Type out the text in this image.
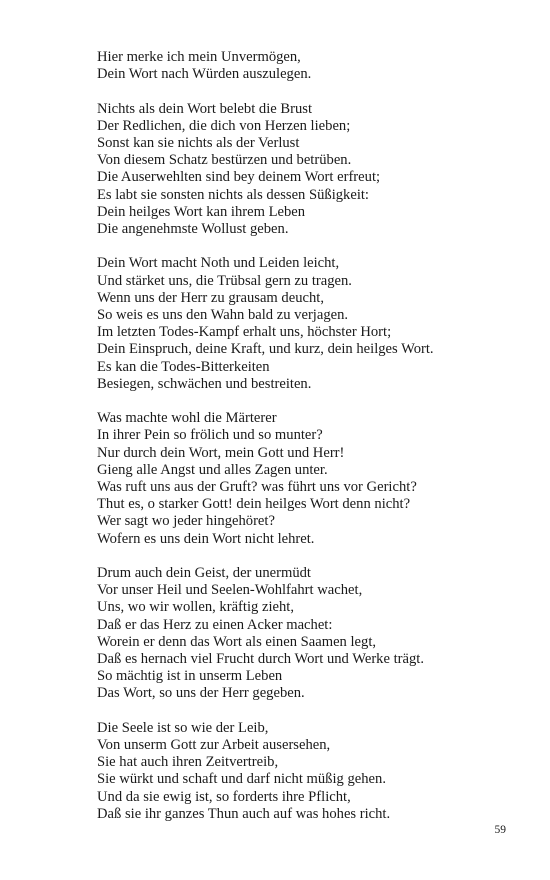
Hier merke ich mein Unvermögen,
Dein Wort nach Würden auszulegen.
Nichts als dein Wort belebt die Brust
Der Redlichen, die dich von Herzen lieben;
Sonst kan sie nichts als der Verlust
Von diesem Schatz bestürzen und betrüben.
Die Auserwehlten sind bey deinem Wort erfreut;
Es labt sie sonsten nichts als dessen Süßigkeit:
Dein heilges Wort kan ihrem Leben
Die angenehmste Wollust geben.
Dein Wort macht Noth und Leiden leicht,
Und stärket uns, die Trübsal gern zu tragen.
Wenn uns der Herr zu grausam deucht,
So weis es uns den Wahn bald zu verjagen.
Im letzten Todes-Kampf erhalt uns, höchster Hort;
Dein Einspruch, deine Kraft, und kurz, dein heilges Wort.
Es kan die Todes-Bitterkeiten
Besiegen, schwächen und bestreiten.
Was machte wohl die Märterer
In ihrer Pein so frölich und so munter?
Nur durch dein Wort, mein Gott und Herr!
Gieng alle Angst und alles Zagen unter.
Was ruft uns aus der Gruft? was führt uns vor Gericht?
Thut es, o starker Gott! dein heilges Wort denn nicht?
Wer sagt wo jeder hingehöret?
Wofern es uns dein Wort nicht lehret.
Drum auch dein Geist, der unermüdt
Vor unser Heil und Seelen-Wohlfahrt wachet,
Uns, wo wir wollen, kräftig zieht,
Daß er das Herz zu einen Acker machet:
Worein er denn das Wort als einen Saamen legt,
Daß es hernach viel Frucht durch Wort und Werke trägt.
So mächtig ist in unserm Leben
Das Wort, so uns der Herr gegeben.
Die Seele ist so wie der Leib,
Von unserm Gott zur Arbeit ausersehen,
Sie hat auch ihren Zeitvertreib,
Sie würkt und schaft und darf nicht müßig gehen.
Und da sie ewig ist, so forderts ihre Pflicht,
Daß sie ihr ganzes Thun auch auf was hohes richt.
59
